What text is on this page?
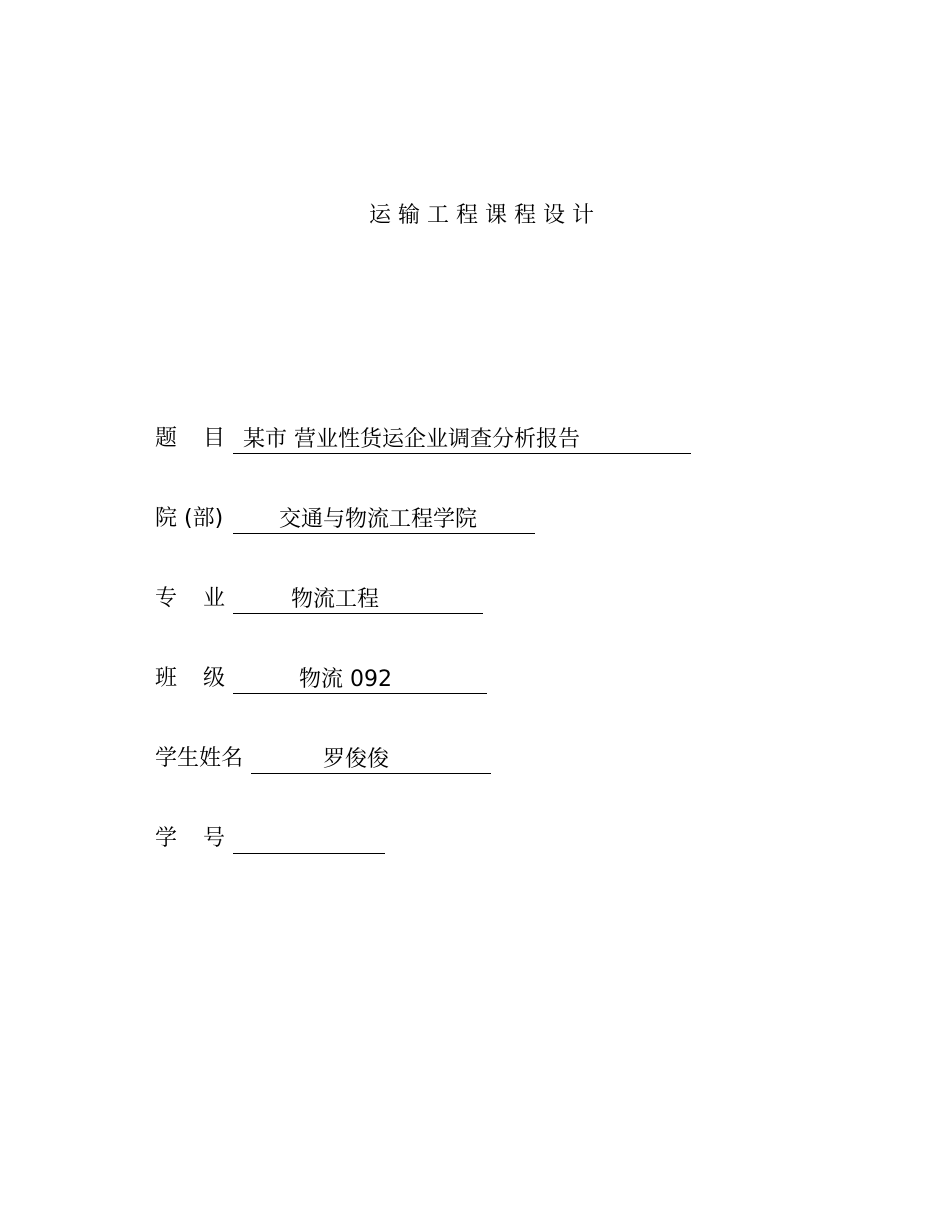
运输工程课程设计
题 目 某市 营业性货运企业调查分析报告
院 (部)	交通与物流工程学院
专 业	物流工程
班 级	物流 092
学生姓名	罗俊俊
学 号
